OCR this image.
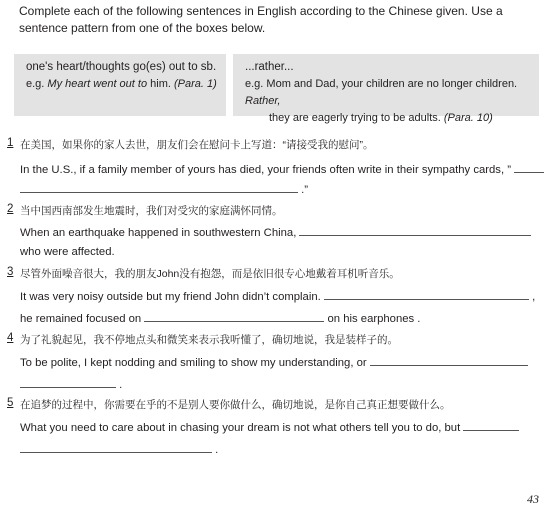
Complete each of the following sentences in English according to the Chinese given. Use a sentence pattern from one of the boxes below.
one's heart/thoughts go(es) out to sb.
e.g. My heart went out to him. (Para. 1)
...rather...
e.g. Mom and Dad, your children are no longer children. Rather,
they are eagerly trying to be adults. (Para. 10)
1 在美国，如果你的家人去世，朋友们会在慰问卡上写道：“请接受我的慰问”。
In the U.S., if a family member of yours has died, your friends often write in their sympathy cards, ”
.”
2 当中国西南部发生地震时，我们对受灾的家庭满怀同情。
When an earthquake happened in southwestern China,
who were affected.
3 尽管外面噪音很大，我的朋友John没有抱怨，而是依旧很专心地戴着耳机听音乐。
It was very noisy outside but my friend John didn’t complain.	,
he remained focused on	on his earphones .
4 为了礼貌起见，我不停地点头和微笑来表示我听懂了，确切地说，我是装样子的。
To be polite, I kept nodding and smiling to show my understanding, or
.
5 在追梦的过程中，你需要在乎的不是别人要你做什么，确切地说，是你自己真正想要做什么。
What you need to care about in chasing your dream is not what others tell you to do, but
.
43
